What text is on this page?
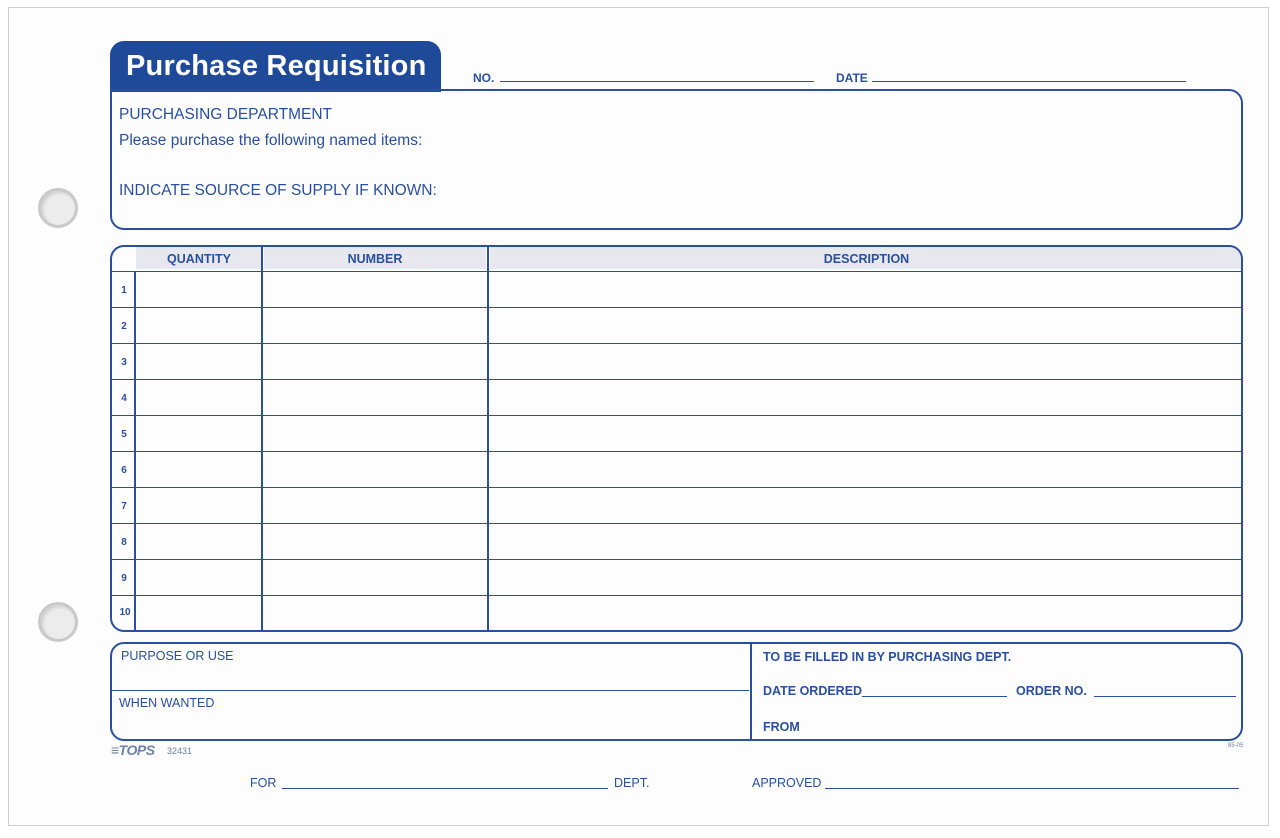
Purchase Requisition	NO.	DATE
PURCHASING DEPARTMENT
Please purchase the following named items:
INDICATE SOURCE OF SUPPLY IF KNOWN:
QUANTITY	NUMBER	DESCRIPTION
1
2
3
4
5
6
7
8
9
10
PURPOSE OR USE
WHEN WANTED
TO BE FILLED IN BY PURCHASING DEPT.
DATE ORDERED	ORDER NO.
FROM
≡TOPS 32431	85-05
FOR	DEPT.	APPROVED
